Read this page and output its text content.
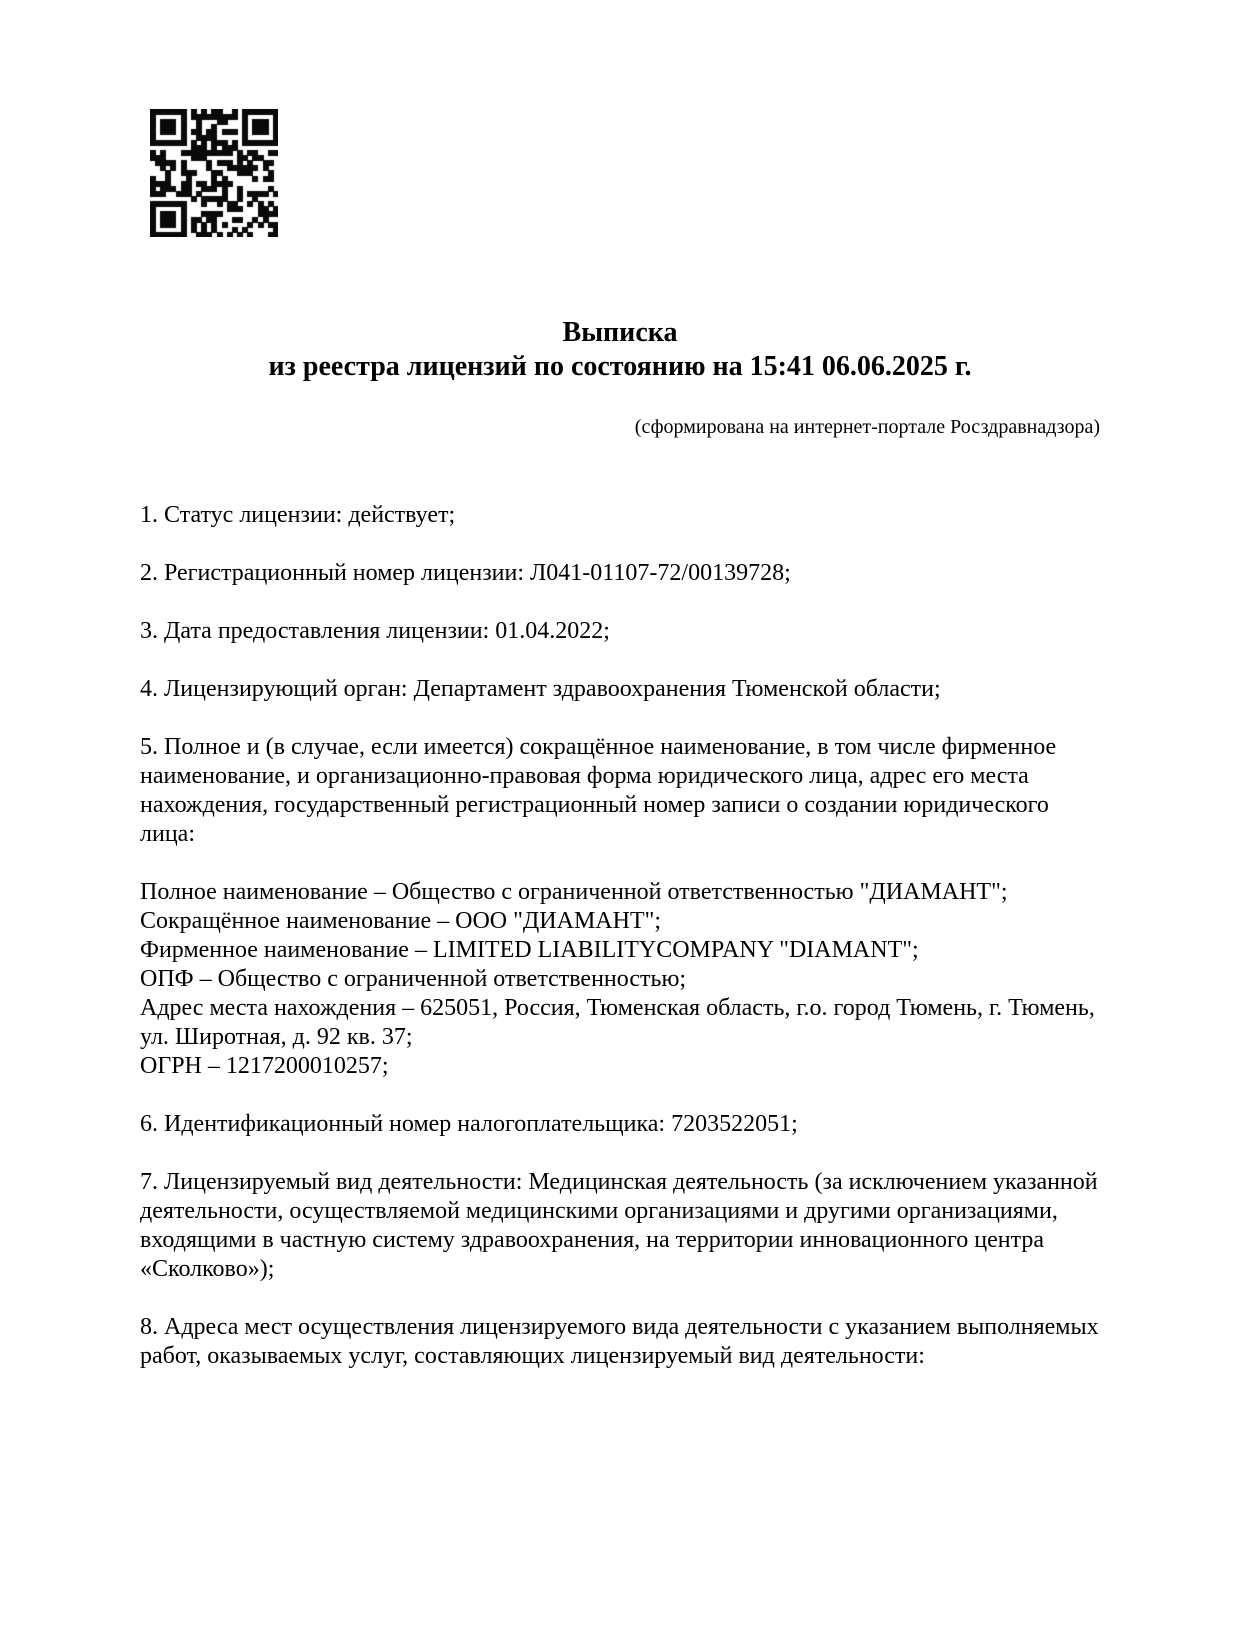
Выписка
из реестра лицензий по состоянию на 15:41 06.06.2025 г.
(сформирована на интернет-портале Росздравнадзора)

1. Статус лицензии: действует;

2. Регистрационный номер лицензии: Л041-01107-72/00139728;

3. Дата предоставления лицензии: 01.04.2022;

4. Лицензирующий орган: Департамент здравоохранения Тюменской области;

5. Полное и (в случае, если имеется) сокращённое наименование, в том числе фирменное наименование, и организационно-правовая форма юридического лица, адрес его места нахождения, государственный регистрационный номер записи о создании юридического лица:

Полное наименование – Общество с ограниченной ответственностью "ДИАМАНТ";

Сокращённое наименование – ООО "ДИАМАНТ";

Фирменное наименование – LIMITED LIABILITYCOMPANY "DIAMANT";

ОПФ – Общество с ограниченной ответственностью;

Адрес места нахождения – 625051, Россия, Тюменская область, г.о. город Тюмень, г. Тюмень, ул. Широтная, д. 92 кв. 37;

ОГРН – 1217200010257;

6. Идентификационный номер налогоплательщика: 7203522051;

7. Лицензируемый вид деятельности: Медицинская деятельность (за исключением указанной деятельности, осуществляемой медицинскими организациями и другими организациями, входящими в частную систему здравоохранения, на территории инновационного центра «Сколково»);

8. Адреса мест осуществления лицензируемого вида деятельности с указанием выполняемых работ, оказываемых услуг, составляющих лицензируемый вид деятельности:
